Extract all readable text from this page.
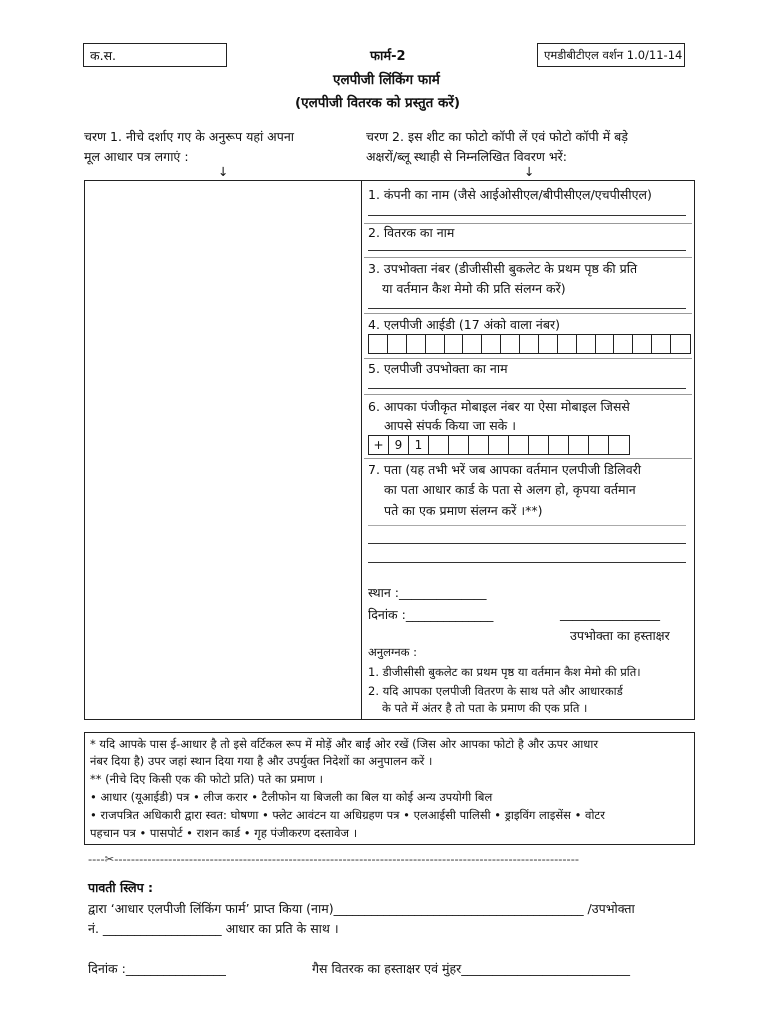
क.स.	फार्म-2	एमडीबीटीएल वर्शन 1.0/11-14
एलपीजी लिंकिंग फार्म
(एलपीजी वितरक को प्रस्तुत करें)
चरण 1. नीचे दर्शाए गए के अनुरूप यहां अपना
मूल आधार पत्र लगाएं :
↓
चरण 2. इस शीट का फोटो कॉपी लें एवं फोटो कॉपी में बड़े
अक्षरों/ब्लू स्थाही से निम्नलिखित विवरण भरें:
↓
1. कंपनी का नाम (जैसे आईओसीएल/बीपीसीएल/एचपीसीएल)
2. वितरक का नाम
3. उपभोक्ता नंबर (डीजीसीसी बुकलेट के प्रथम पृष्ठ की प्रति
या वर्तमान कैश मेमो की प्रति संलग्न करें)
4. एलपीजी आईडी (17 अंको वाला नंबर)
5. एलपीजी उपभोक्ता का नाम
6. आपका पंजीकृत मोबाइल नंबर या ऐसा मोबाइल जिससे
आपसे संपर्क किया जा सके ।
+ 9	1
7. पता (यह तभी भरें जब आपका वर्तमान एलपीजी डिलिवरी
का पता आधार कार्ड के पता से अलग हो, कृपया वर्तमान
पते का एक प्रमाण संलग्न करें ।**)
स्थान :______________
दिनांक :______________	________________
उपभोक्ता का हस्ताक्षर
अनुलग्नक :
1. डीजीसीसी बुकलेट का प्रथम पृष्ठ या वर्तमान कैश मेमो की प्रति।
2. यदि आपका एलपीजी वितरण के साथ पते और आधारकार्ड
के पते में अंतर है तो पता के प्रमाण की एक प्रति ।
* यदि आपके पास ई-आधार है तो इसे वर्टिकल रूप में मोड़ें और बाईं ओर रखें (जिस ओर आपका फोटो है और ऊपर आधार
नंबर दिया है) उपर जहां स्थान दिया गया है और उपर्युक्त निदेशों का अनुपालन करें ।
** (नीचे दिए किसी एक की फोटो प्रति) पते का प्रमाण ।
• आधार (यूआईडी) पत्र • लीज करार • टैलीफोन या बिजली का बिल या कोई अन्य उपयोगी बिल
• राजपत्रित अधिकारी द्वारा स्वत: घोषणा • फ्लेट आवंटन या अधिग्रहण पत्र • एलआईसी पालिसी • ड्राइविंग लाइसेंस • वोटर
पहचान पत्र • पासपोर्ट • राशन कार्ड • गृह पंजीकरण दस्तावेज ।
----✂----------------------------------------------------------------------------------------------------------------
पावती स्लिप :
द्वारा ‘आधार एलपीजी लिंकिंग फार्म’ प्राप्त किया (नाम)________________________________________ /उपभोक्ता
नं. ___________________ आधार का प्रति के साथ ।
दिनांक :________________	गैस वितरक का हस्ताक्षर एवं मुंहर___________________________
